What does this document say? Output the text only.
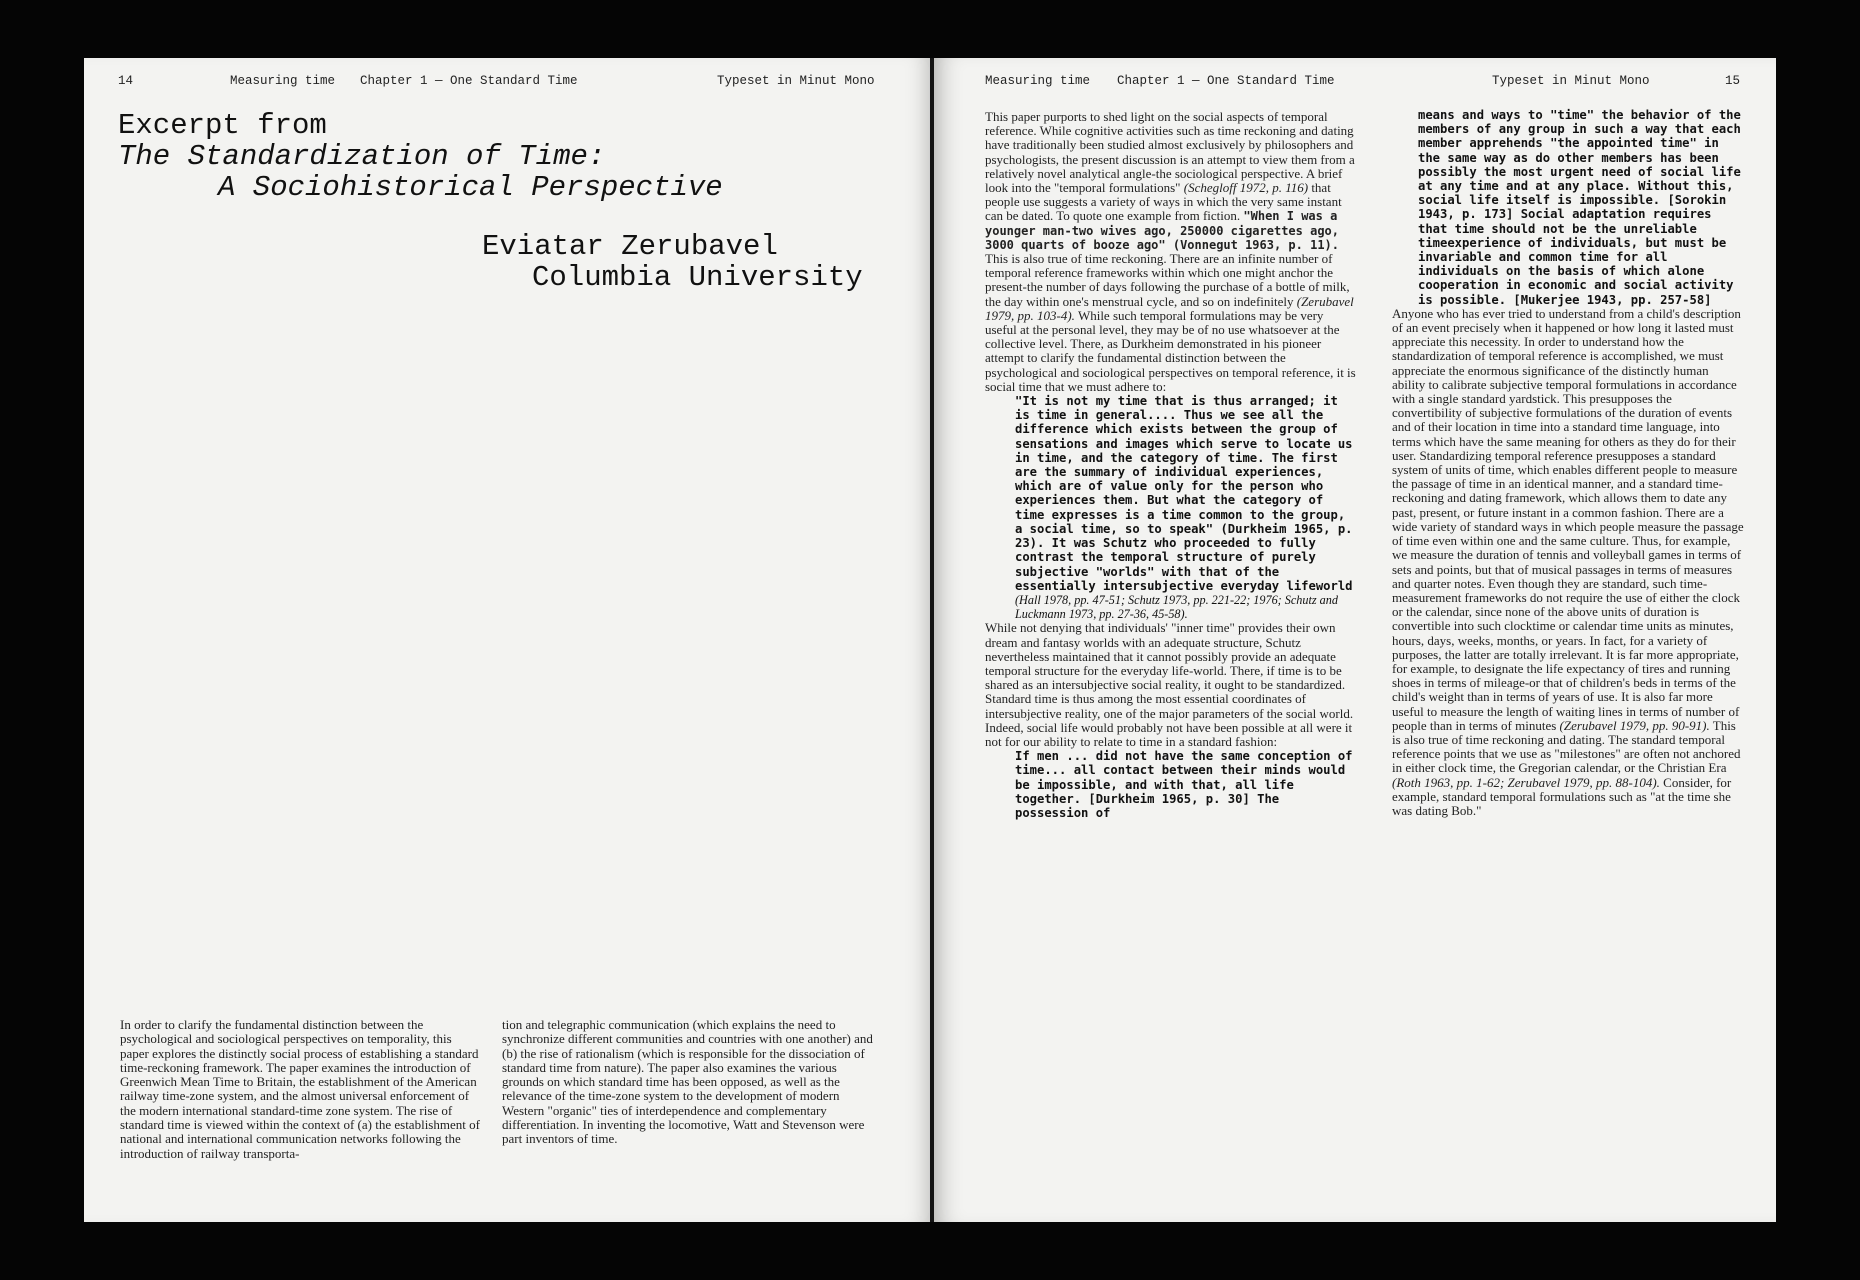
14	Measuring time Chapter 1 — One Standard Time	Typeset in Minut Mono
Excerpt from
The Standardization of Time:
A Sociohistorical Perspective
Eviatar Zerubavel
Columbia University

In order to clarify the fundamental distinction between the psychological and sociological perspectives on temporality, this paper explores the distinctly social process of establishing a standard time-reckoning framework. The paper examines the introduction of Greenwich Mean Time to Britain, the establishment of the American railway time-zone system, and the almost universal enforcement of the modern international standard-time zone system. The rise of standard time is viewed within the context of (a) the establishment of national and international communication networks following the introduction of railway transporta-

tion and telegraphic communication (which explains the need to synchronize different communities and countries with one another) and (b) the rise of rationalism (which is responsible for the dissociation of standard time from nature). The paper also examines the various grounds on which standard time has been opposed, as well as the relevance of the time-zone system to the development of modern Western "organic" ties of interdependence and complementary differentiation. In inventing the locomotive, Watt and Stevenson were part inventors of time.

Measuring time Chapter 1 — One Standard Time	Typeset in Minut Mono	15

This paper purports to shed light on the social aspects of temporal reference. While cognitive activities such as time reckoning and dating have traditionally been studied almost exclusively by philosophers and psychologists, the present discussion is an attempt to view them from a relatively novel analytical angle-the sociological perspective. A brief look into the "temporal formulations" (Schegloff 1972, p. 116) that people use suggests a variety of ways in which the very same instant can be dated. To quote one example from fiction. "When I was a younger man-two wives ago, 250000 cigarettes ago, 3000 quarts of booze ago" (Vonnegut 1963, p. 11).

This is also true of time reckoning. There are an infinite number of temporal reference frameworks within which one might anchor the present-the number of days following the purchase of a bottle of milk, the day within one's menstrual cycle, and so on indefinitely (Zerubavel 1979, pp. 103-4). While such temporal formulations may be very useful at the personal level, they may be of no use whatsoever at the collective level. There, as Durkheim demonstrated in his pioneer attempt to clarify the fundamental distinction between the psychological and sociological perspectives on temporal reference, it is social time that we must adhere to:

"It is not my time that is thus arranged; it is time in general.... Thus we see all the difference which exists between the group of sensations and images which serve to locate us in time, and the category of time. The first are the summary of individual experiences, which are of value only for the person who experiences them. But what the category of time expresses is a time common to the group, a social time, so to speak" (Durkheim 1965, p. 23). It was Schutz who proceeded to fully contrast the temporal structure of purely subjective "worlds" with that of the essentially intersubjective everyday lifeworld (Hall 1978, pp. 47-51; Schutz 1973, pp. 221-22; 1976; Schutz and Luckmann 1973, pp. 27-36, 45-58).

While not denying that individuals' "inner time" provides their own dream and fantasy worlds with an adequate structure, Schutz nevertheless maintained that it cannot possibly provide an adequate temporal structure for the everyday life-world. There, if time is to be shared as an intersubjective social reality, it ought to be standardized. Standard time is thus among the most essential coordinates of intersubjective reality, one of the major parameters of the social world. Indeed, social life would probably not have been possible at all were it not for our ability to relate to time in a standard fashion:

If men ... did not have the same conception of time... all contact between their minds would be impossible, and with that, all life together. [Durkheim 1965, p. 30] The possession of

means and ways to "time" the behavior of the members of any group in such a way that each member apprehends "the appointed time" in the same way as do other members has been possibly the most urgent need of social life at any time and at any place. Without this, social life itself is impossible. [Sorokin 1943, p. 173] Social adaptation requires that time should not be the unreliable timeexperience of individuals, but must be invariable and common time for all individuals on the basis of which alone cooperation in economic and social activity is possible. [Mukerjee 1943, pp. 257-58]

Anyone who has ever tried to understand from a child's description of an event precisely when it happened or how long it lasted must appreciate this necessity. In order to understand how the standardization of temporal reference is accomplished, we must appreciate the enormous significance of the distinctly human ability to calibrate subjective temporal formulations in accordance with a single standard yardstick. This presupposes the convertibility of subjective formulations of the duration of events and of their location in time into a standard time language, into terms which have the same meaning for others as they do for their user. Standardizing temporal reference presupposes a standard system of units of time, which enables different people to measure the passage of time in an identical manner, and a standard time-reckoning and dating framework, which allows them to date any past, present, or future instant in a common fashion. There are a wide variety of standard ways in which people measure the passage of time even within one and the same culture. Thus, for example, we measure the duration of tennis and volleyball games in terms of sets and points, but that of musical passages in terms of measures and quarter notes. Even though they are standard, such time-measurement frameworks do not require the use of either the clock or the calendar, since none of the above units of duration is convertible into such clocktime or calendar time units as minutes, hours, days, weeks, months, or years. In fact, for a variety of purposes, the latter are totally irrelevant. It is far more appropriate, for example, to designate the life expectancy of tires and running shoes in terms of mileage-or that of children's beds in terms of the child's weight than in terms of years of use. It is also far more useful to measure the length of waiting lines in terms of number of people than in terms of minutes (Zerubavel 1979, pp. 90-91). This is also true of time reckoning and dating. The standard temporal reference points that we use as "milestones" are often not anchored in either clock time, the Gregorian calendar, or the Christian Era (Roth 1963, pp. 1-62; Zerubavel 1979, pp. 88-104). Consider, for example, standard temporal formulations such as "at the time she was dating Bob."
